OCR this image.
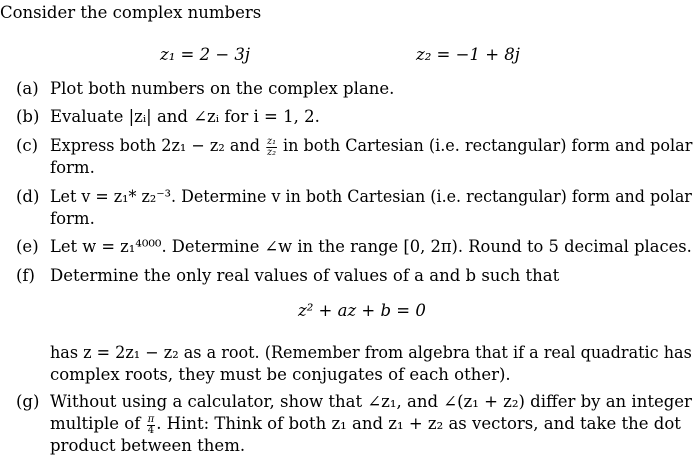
Consider the complex numbers
z₁ = 2 − 3j	z₂ = −1 + 8j
(a) Plot both numbers on the complex plane.
(b) Evaluate |zᵢ| and ∠zᵢ for i = 1, 2.
(c) Express both 2z₁ − z₂ and $\frac{\text{z₁}}{\text{z₂}}$ in both Cartesian (i.e. rectangular) form and polar
form.
(d) Let v = z₁* z₂⁻³. Determine v in both Cartesian (i.e. rectangular) form and polar
form.
(e) Let w = z₁⁴⁰⁰⁰. Determine ∠w in the range [0, 2π). Round to 5 decimal places.
(f) Determine the only real values of values of a and b such that
z² + az + b = 0
has z = 2z₁ − z₂ as a root. (Remember from algebra that if a real quadratic has
complex roots, they must be conjugates of each other).
(g) Without using a calculator, show that ∠z₁, and ∠(z₁ + z₂) differ by an integer
multiple of $\frac{\pi}{4}$ . Hint: Think of both z₁ and z₁ + z₂ as vectors, and take the dot
product between them.
